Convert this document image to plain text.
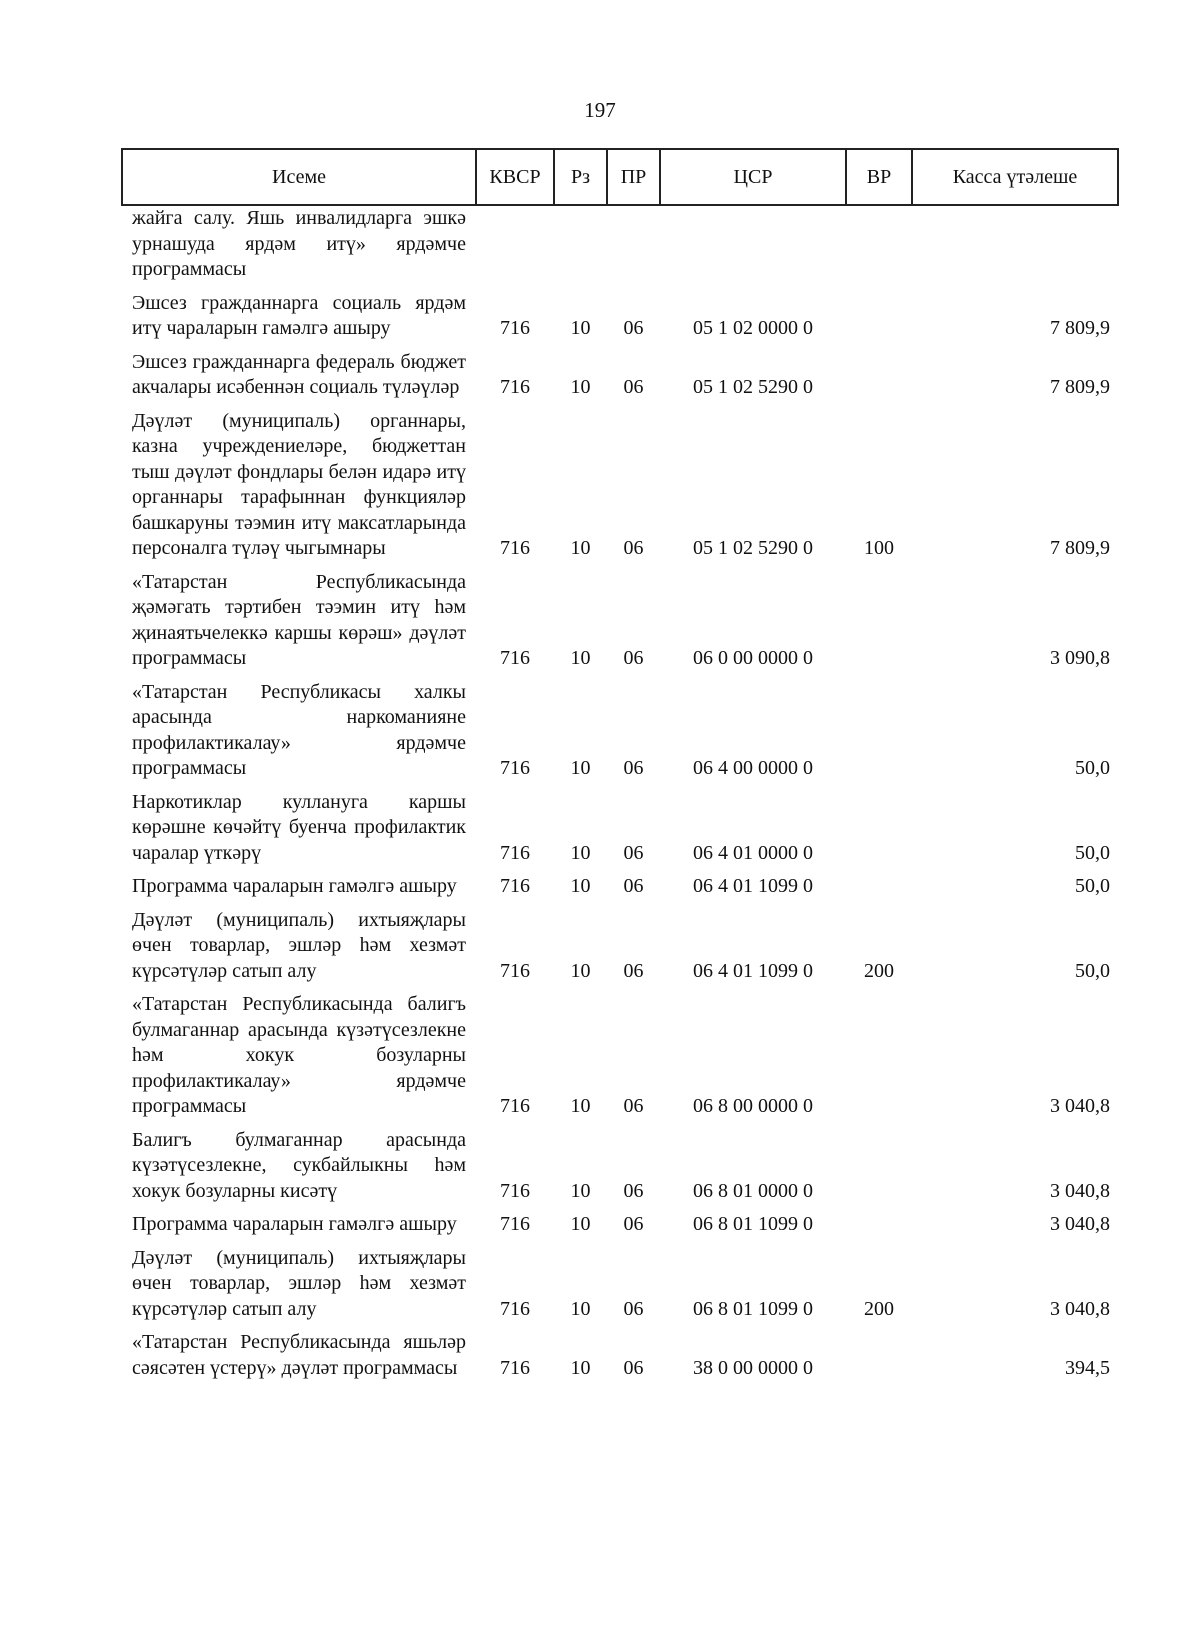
197
Исеме	КВСР	Рз	ПР	ЦСР	ВР	Касса үтәлеше
жайга салу. Яшь инвалидларга эшкә урнашуда ярдәм итү» ярдәмче программасы						
Эшсез гражданнарга социаль ярдәм итү чараларын гамәлгә ашыру	716	10	06	05 1 02 0000 0		7 809,9
Эшсез гражданнарга федераль бюджет акчалары исәбеннән социаль түләүләр	716	10	06	05 1 02 5290 0		7 809,9
Дәүләт (муниципаль) органнары, казна учреждениеләре, бюджеттан тыш дәүләт фондлары белән идарә итү органнары тарафыннан функцияләр башкаруны тәэмин итү максатларында персоналга түләү чыгымнары	716	10	06	05 1 02 5290 0	100	7 809,9
«Татарстан Республикасында җәмәгать тәртибен тәэмин итү һәм җинаятьчелеккә каршы көрәш» дәүләт программасы	716	10	06	06 0 00 0000 0		3 090,8
«Татарстан Республикасы халкы арасында наркоманияне профилактикалау» ярдәмче программасы	716	10	06	06 4 00 0000 0		50,0
Наркотиклар куллануга каршы көрәшне көчәйтү буенча профилактик чаралар үткәрү	716	10	06	06 4 01 0000 0		50,0
Программа чараларын гамәлгә ашыру	716	10	06	06 4 01 1099 0		50,0
Дәүләт (муниципаль) ихтыяҗлары өчен товарлар, эшләр һәм хезмәт күрсәтүләр сатып алу	716	10	06	06 4 01 1099 0	200	50,0
«Татарстан Республикасында балигъ булмаганнар арасында күзәтүсезлекне һәм хокук бозуларны профилактикалау» ярдәмче программасы	716	10	06	06 8 00 0000 0		3 040,8
Балигъ булмаганнар арасында күзәтүсезлекне, сукбайлыкны һәм хокук бозуларны кисәтү	716	10	06	06 8 01 0000 0		3 040,8
Программа чараларын гамәлгә ашыру	716	10	06	06 8 01 1099 0		3 040,8
Дәүләт (муниципаль) ихтыяҗлары өчен товарлар, эшләр һәм хезмәт күрсәтүләр сатып алу	716	10	06	06 8 01 1099 0	200	3 040,8
«Татарстан Республикасында яшьләр сәясәтен үстерү» дәүләт программасы	716	10	06	38 0 00 0000 0		394,5
